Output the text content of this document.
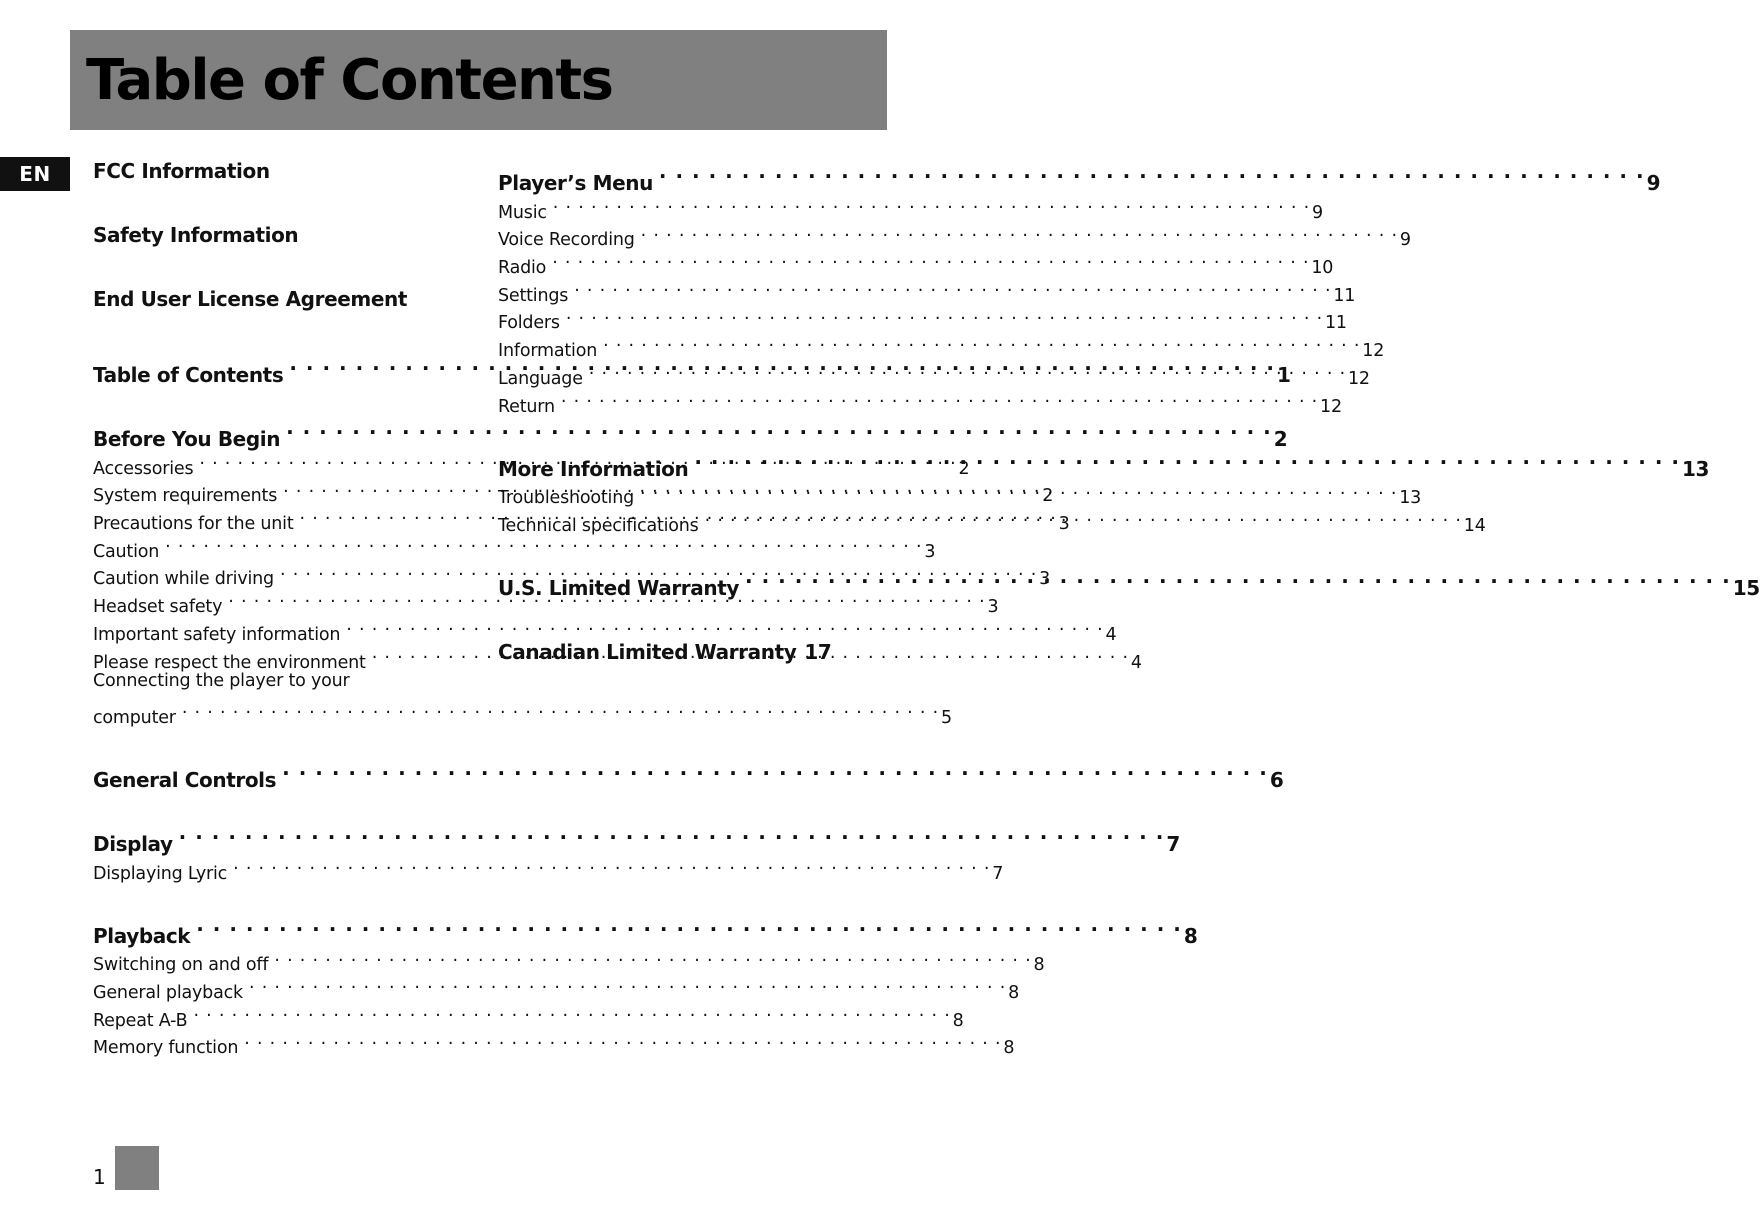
Table of Contents
EN	FCC Information
Safety Information
End User License Agreement
Table of Contents . . .	1
Before You Begin . . .	2
Accessories . . .	2
System requirements . . .	2
Precautions for the unit . . .	3
Caution . . .	3
Caution while driving . . .	3
Headset safety . . .	3
Important safety information . . .	4
Please respect the environment . . .	4
Connecting the player to your
computer . . .	5
General Controls . . .	6
Display . . .	7
Displaying Lyric . . .	7
Playback . . .	8
Switching on and off . . .	8
General playback . . .	8
Repeat A-B . . .	8
Memory function . . .	8
Player’s Menu . . .	9
Music . . .	9
Voice Recording . . .	9
Radio . . .	10
Settings . . .	11
Folders . . .	11
Information . . .	12
Language . . .	12
Return . . .	12
More Information . . .	13
Troubleshooting . . .	13
Technical specifications . . .	14
U.S. Limited Warranty . . .	15
Canadian Limited Warranty 17
1
